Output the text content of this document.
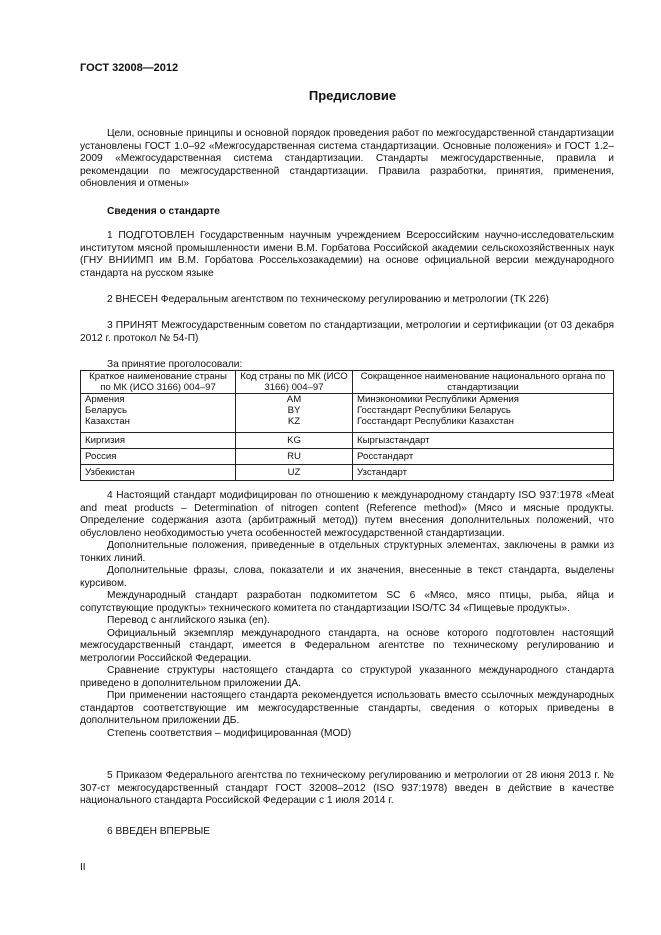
ГОСТ 32008—2012
Предисловие

Цели, основные принципы и основной порядок проведения работ по межгосударственной стандартизации установлены ГОСТ 1.0–92 «Межгосударственная система стандартизации. Основные положения» и ГОСТ 1.2–2009 «Межгосударственная система стандартизации. Стандарты межгосударственные, правила и рекомендации по межгосударственной стандартизации. Правила разработки, принятия, применения, обновления и отмены»

Сведения о стандарте

1 ПОДГОТОВЛЕН Государственным научным учреждением Всероссийским научно-исследовательским институтом мясной промышленности имени В.М. Горбатова Российской академии сельскохозяйственных наук (ГНУ ВНИИМП им В.М. Горбатова Россельхозакадемии) на основе официальной версии международного стандарта на русском языке

2 ВНЕСЕН Федеральным агентством по техническому регулированию и метрологии (ТК 226)

3 ПРИНЯТ Межгосударственным советом по стандартизации, метрологии и сертификации (от 03 декабря 2012 г. протокол № 54-П)

За принятие проголосовали:
Краткое наименование страны по МК (ИСО 3166) 004–97	Код страны по МК (ИСО 3166) 004–97	Сокращенное наименование национального органа по стандартизации
Армения	AM	Минэкономики Республики Армения
Беларусь	BY	Госстандарт Республики Беларусь
Казахстан	KZ	Госстандарт Республики Казахстан
Киргизия	KG	Кыргызстандарт
Россия	RU	Росстандарт
Узбекистан	UZ	Узстандарт

4 Настоящий стандарт модифицирован по отношению к международному стандарту ISO 937:1978 «Meat and meat products – Determination of nitrogen content (Reference method)» (Мясо и мясные продукты. Определение содержания азота (арбитражный метод)) путем внесения дополнительных положений, что обусловлено необходимостью учета особенностей межгосударственной стандартизации.

Дополнительные положения, приведенные в отдельных структурных элементах, заключены в рамки из тонких линий.

Дополнительные фразы, слова, показатели и их значения, внесенные в текст стандарта, выделены курсивом.

Международный стандарт разработан подкомитетом SC 6 «Мясо, мясо птицы, рыба, яйца и сопутствующие продукты» технического комитета по стандартизации ISO/TC 34 «Пищевые продукты».

Перевод с английского языка (en).

Официальный экземпляр международного стандарта, на основе которого подготовлен настоящий межгосударственный стандарт, имеется в Федеральном агентстве по техническому регулированию и метрологии Российской Федерации.

Сравнение структуры настоящего стандарта со структурой указанного международного стандарта приведено в дополнительном приложении ДА.

При применении настоящего стандарта рекомендуется использовать вместо ссылочных международных стандартов соответствующие им межгосударственные стандарты, сведения о которых приведены в дополнительном приложении ДБ.

Степень соответствия – модифицированная (MOD)

5 Приказом Федерального агентства по техническому регулированию и метрологии от 28 июня 2013 г. № 307-ст межгосударственный стандарт ГОСТ 32008–2012 (ISO 937:1978) введен в действие в качестве национального стандарта Российской Федерации с 1 июля 2014 г.

6 ВВЕДЕН ВПЕРВЫЕ
II
